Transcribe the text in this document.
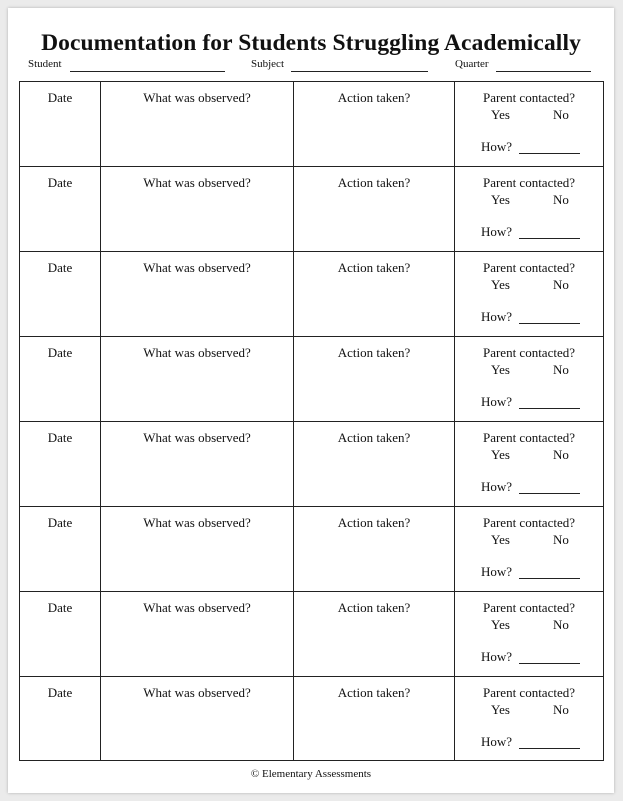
Documentation for Students Struggling Academically
Student	Subject	Quarter
Date	What was observed?	Action taken?	Parent contacted?
Yes	No
How?
Date	What was observed?	Action taken?	Parent contacted?
Yes	No
How?
Date	What was observed?	Action taken?	Parent contacted?
Yes	No
How?
Date	What was observed?	Action taken?	Parent contacted?
Yes	No
How?
Date	What was observed?	Action taken?	Parent contacted?
Yes	No
How?
Date	What was observed?	Action taken?	Parent contacted?
Yes	No
How?
Date	What was observed?	Action taken?	Parent contacted?
Yes	No
How?
Date	What was observed?	Action taken?	Parent contacted?
Yes	No
How?
© Elementary Assessments
